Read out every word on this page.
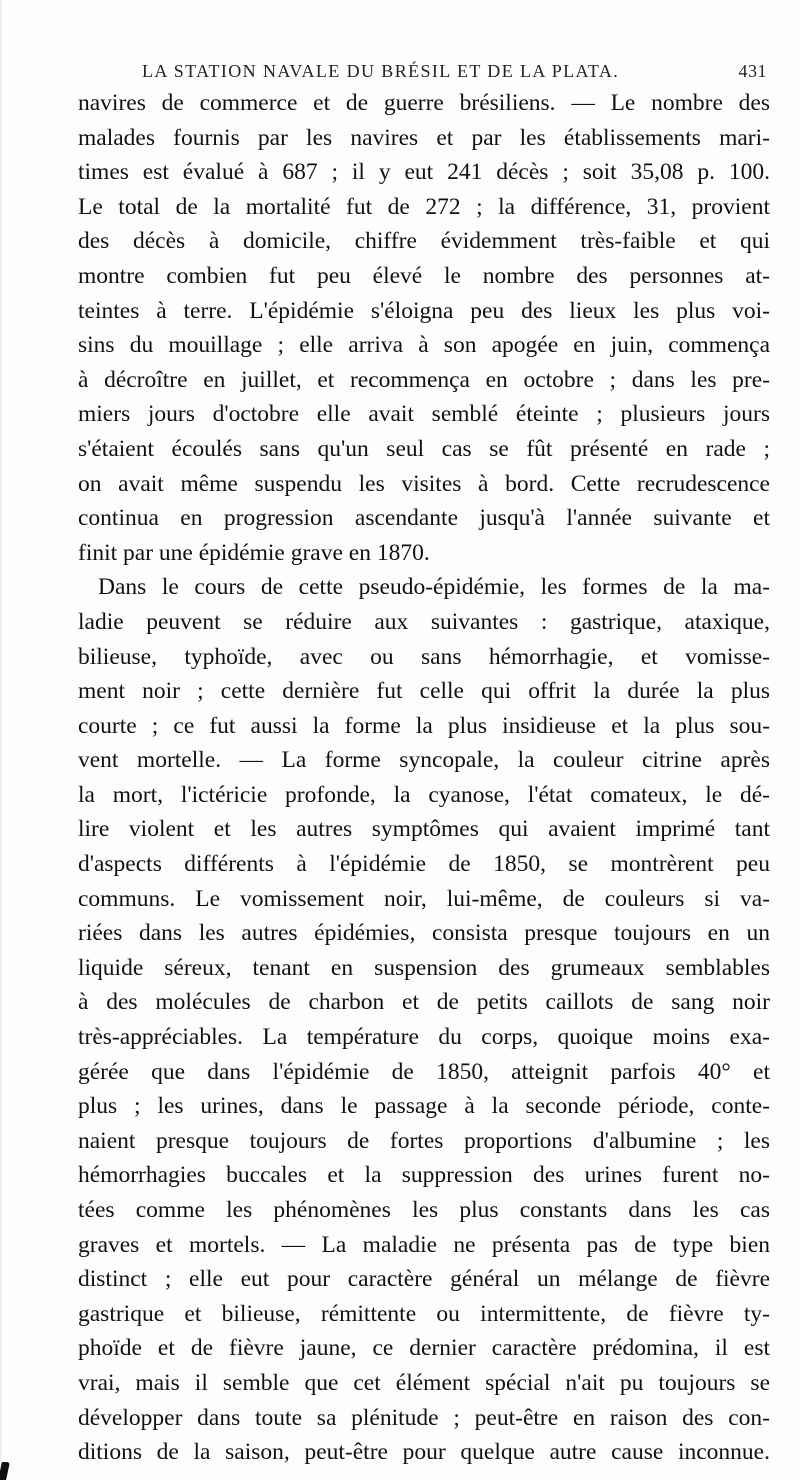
LA STATION NAVALE DU BRÉSIL ET DE LA PLATA.	431
navires de commerce et de guerre brésiliens. — Le nombre des
malades fournis par les navires et par les établissements mari-
times est évalué à 687 ; il y eut 241 décès ; soit 35,08 p. 100.
Le total de la mortalité fut de 272 ; la différence, 31, provient
des décès à domicile, chiffre évidemment très-faible et qui
montre combien fut peu élevé le nombre des personnes at-
teintes à terre. L'épidémie s'éloigna peu des lieux les plus voi-
sins du mouillage ; elle arriva à son apogée en juin, commença
à décroître en juillet, et recommença en octobre ; dans les pre-
miers jours d'octobre elle avait semblé éteinte ; plusieurs jours
s'étaient écoulés sans qu'un seul cas se fût présenté en rade ;
on avait même suspendu les visites à bord. Cette recrudescence
continua en progression ascendante jusqu'à l'année suivante et
finit par une épidémie grave en 1870.
Dans le cours de cette pseudo-épidémie, les formes de la ma-
ladie peuvent se réduire aux suivantes : gastrique, ataxique,
bilieuse, typhoïde, avec ou sans hémorrhagie, et vomisse-
ment noir ; cette dernière fut celle qui offrit la durée la plus
courte ; ce fut aussi la forme la plus insidieuse et la plus sou-
vent mortelle. — La forme syncopale, la couleur citrine après
la mort, l'ictéricie profonde, la cyanose, l'état comateux, le dé-
lire violent et les autres symptômes qui avaient imprimé tant
d'aspects différents à l'épidémie de 1850, se montrèrent peu
communs. Le vomissement noir, lui-même, de couleurs si va-
riées dans les autres épidémies, consista presque toujours en un
liquide séreux, tenant en suspension des grumeaux semblables
à des molécules de charbon et de petits caillots de sang noir
très-appréciables. La température du corps, quoique moins exa-
gérée que dans l'épidémie de 1850, atteignit parfois 40° et
plus ; les urines, dans le passage à la seconde période, conte-
naient presque toujours de fortes proportions d'albumine ; les
hémorrhagies buccales et la suppression des urines furent no-
tées comme les phénomènes les plus constants dans les cas
graves et mortels. — La maladie ne présenta pas de type bien
distinct ; elle eut pour caractère général un mélange de fièvre
gastrique et bilieuse, rémittente ou intermittente, de fièvre ty-
phoïde et de fièvre jaune, ce dernier caractère prédomina, il est
vrai, mais il semble que cet élément spécial n'ait pu toujours se
développer dans toute sa plénitude ; peut-être en raison des con-
ditions de la saison, peut-être pour quelque autre cause inconnue.
